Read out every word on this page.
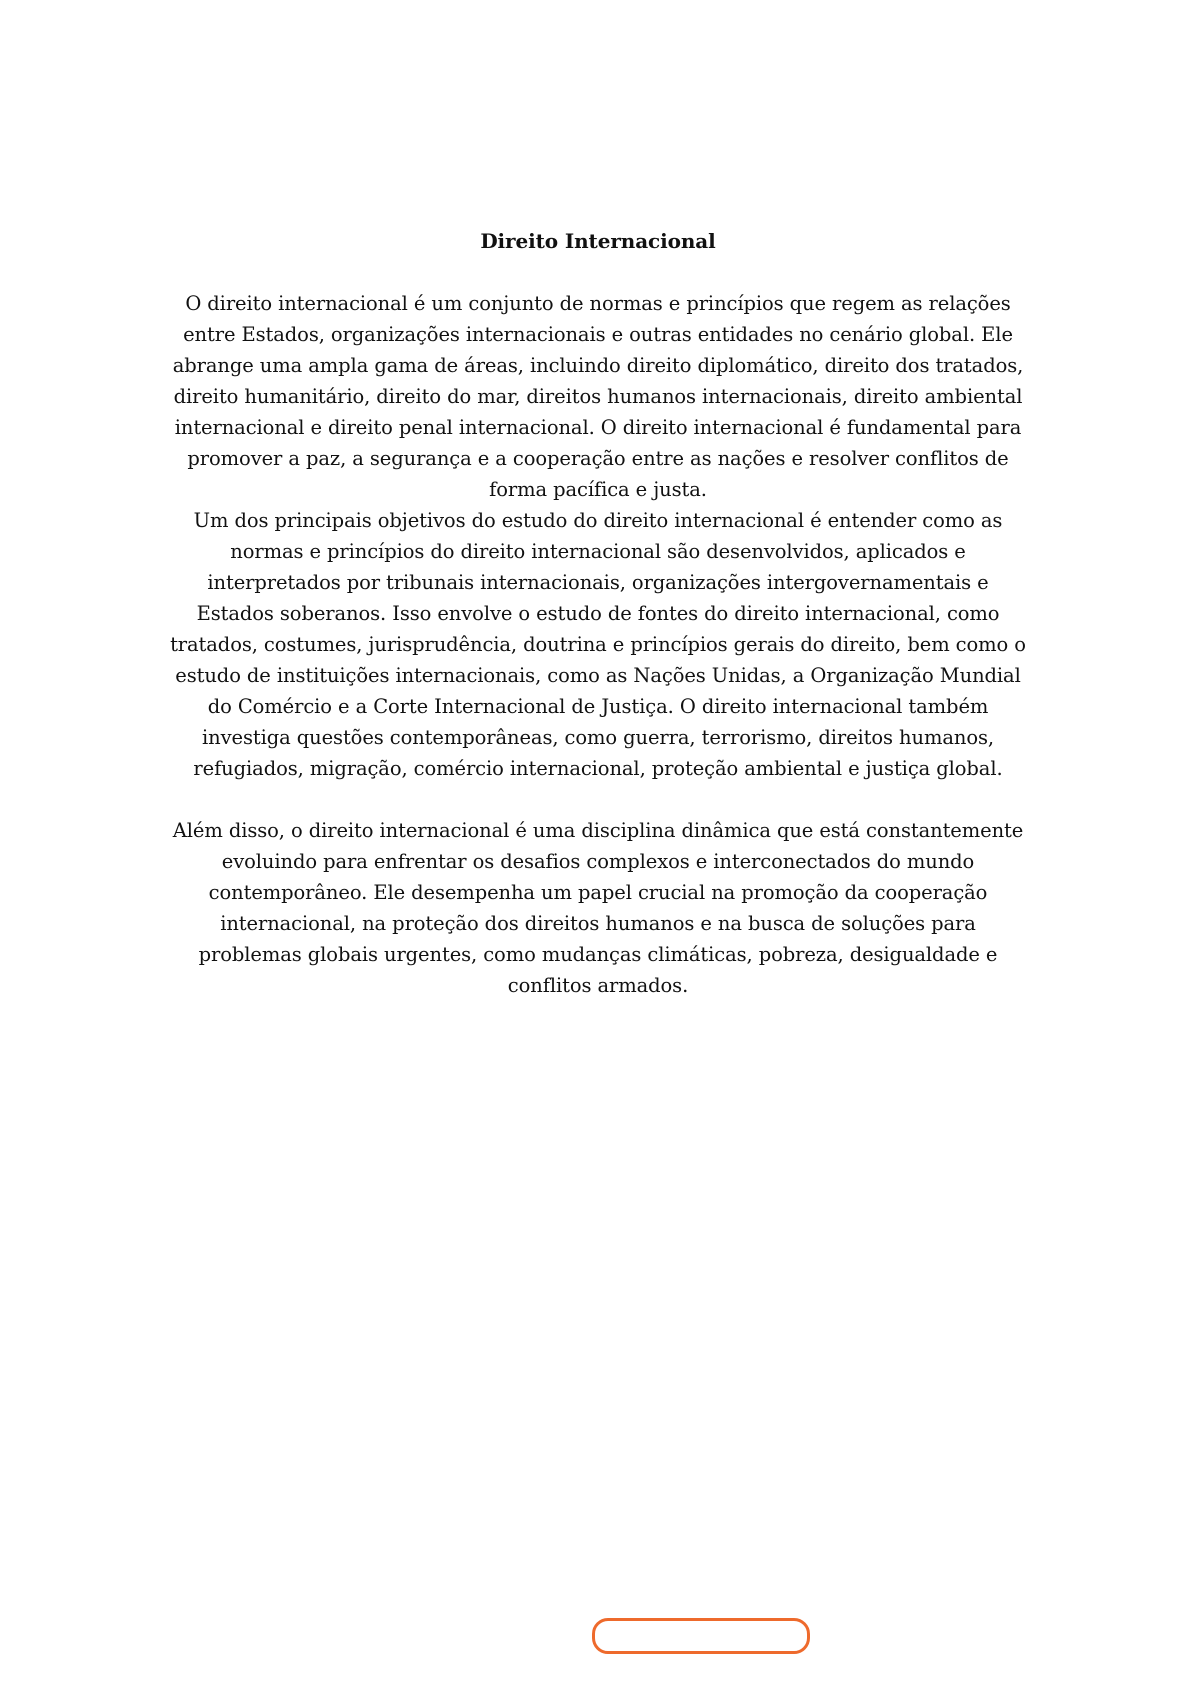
Direito Internacional

O direito internacional é um conjunto de normas e princípios que regem as relações entre Estados, organizações internacionais e outras entidades no cenário global. Ele abrange uma ampla gama de áreas, incluindo direito diplomático, direito dos tratados, direito humanitário, direito do mar, direitos humanos internacionais, direito ambiental internacional e direito penal internacional. O direito internacional é fundamental para promover a paz, a segurança e a cooperação entre as nações e resolver conflitos de forma pacífica e justa.

Um dos principais objetivos do estudo do direito internacional é entender como as normas e princípios do direito internacional são desenvolvidos, aplicados e interpretados por tribunais internacionais, organizações intergovernamentais e Estados soberanos. Isso envolve o estudo de fontes do direito internacional, como tratados, costumes, jurisprudência, doutrina e princípios gerais do direito, bem como o estudo de instituições internacionais, como as Nações Unidas, a Organização Mundial do Comércio e a Corte Internacional de Justiça. O direito internacional também investiga questões contemporâneas, como guerra, terrorismo, direitos humanos, refugiados, migração, comércio internacional, proteção ambiental e justiça global.

Além disso, o direito internacional é uma disciplina dinâmica que está constantemente evoluindo para enfrentar os desafios complexos e interconectados do mundo contemporâneo. Ele desempenha um papel crucial na promoção da cooperação internacional, na proteção dos direitos humanos e na busca de soluções para problemas globais urgentes, como mudanças climáticas, pobreza, desigualdade e conflitos armados.
